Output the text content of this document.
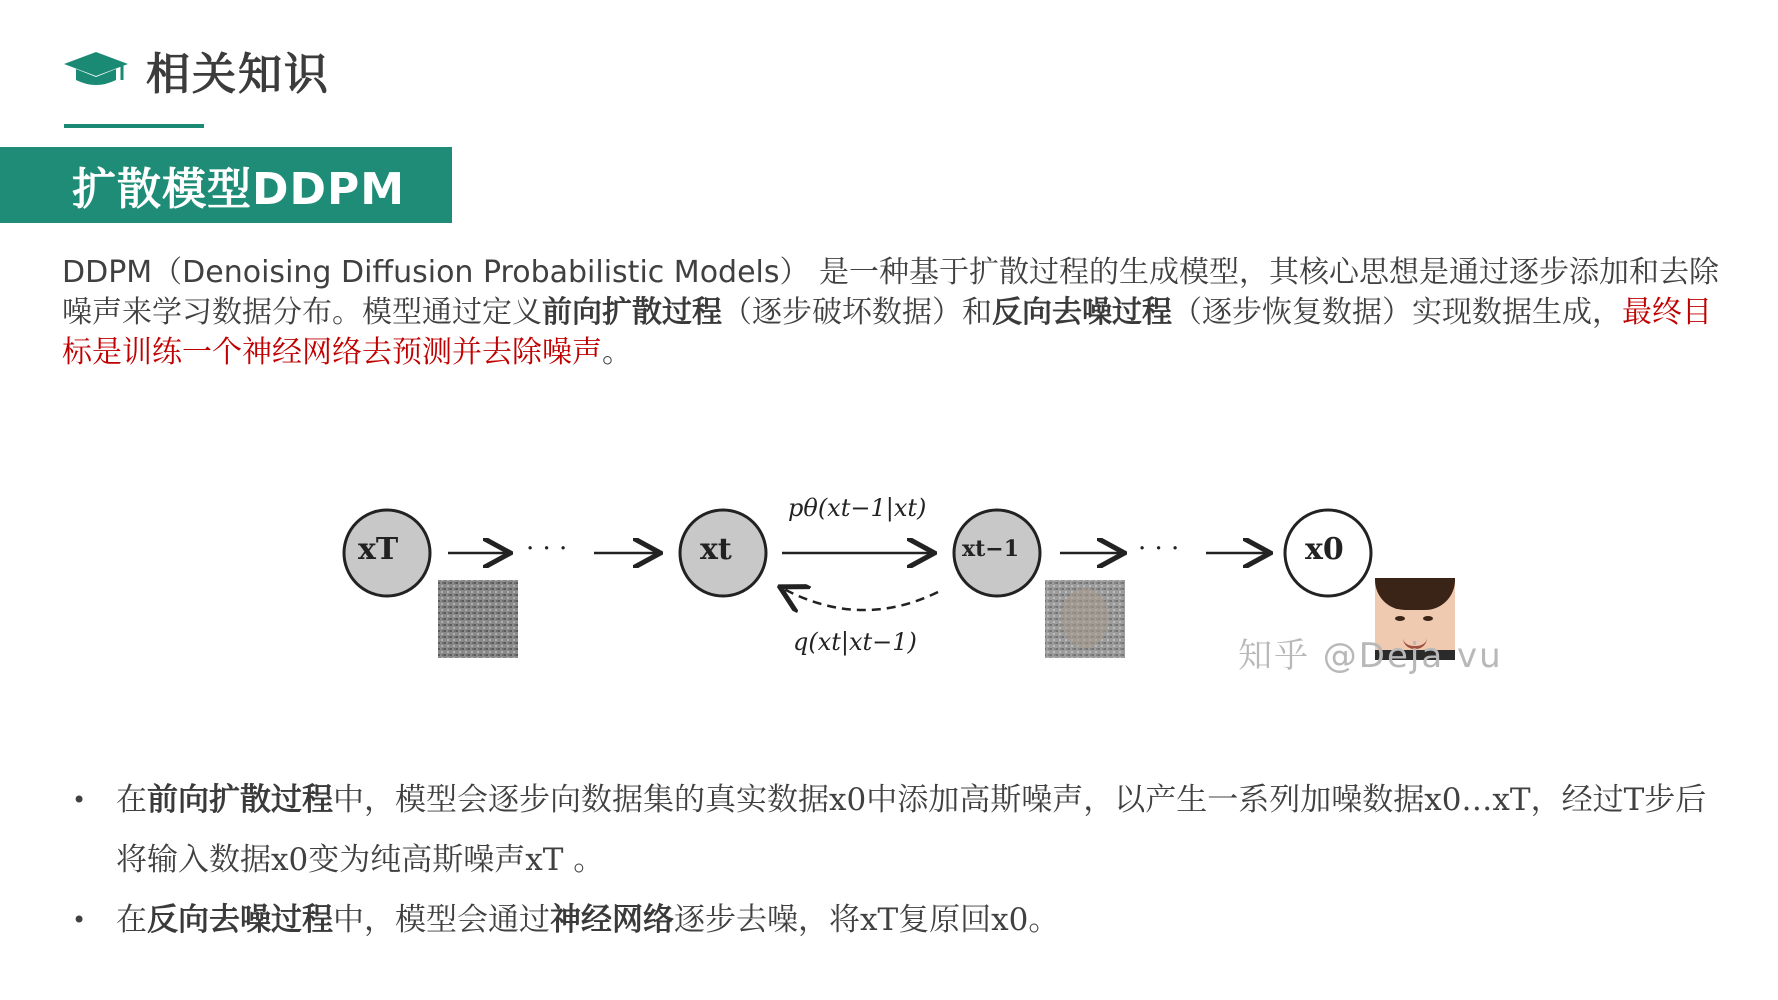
相关知识
扩散模型DDPM
DDPM（Denoising Diffusion Probabilistic Models） 是一种基于扩散过程的生成模型，其核心思想是通过逐步添加和去除噪声来学习数据分布。模型通过定义前向扩散过程（逐步破坏数据）和反向去噪过程（逐步恢复数据）实现数据生成，最终目标是训练一个神经网络去预测并去除噪声。
xT	xt	xt−1	x0
· · ·	· · ·
pθ(xt−1|xt)
q(xt|xt−1)	知乎 @Deja vu
• 在前向扩散过程中，模型会逐步向数据集的真实数据x0中添加高斯噪声，以产生一系列加噪数据x0…xT，经过T步后将输入数据x0变为纯高斯噪声xT 。
• 在反向去噪过程中，模型会通过神经网络逐步去噪，将xT复原回x0。
